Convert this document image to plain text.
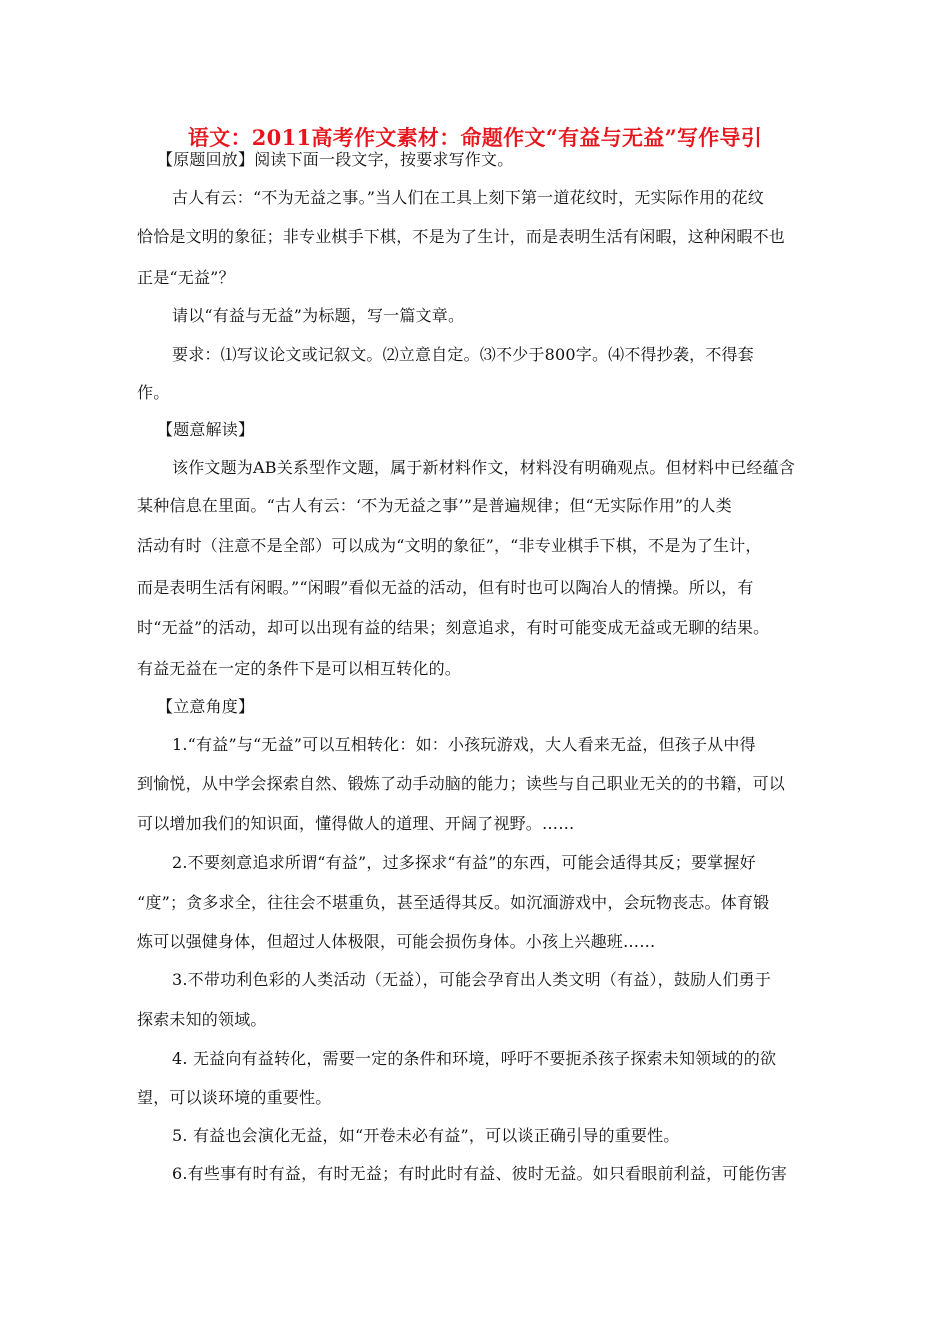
语文：2011高考作文素材：命题作文“有益与无益”写作导引
【原题回放】阅读下面一段文字，按要求写作文。
古人有云：“不为无益之事。”当人们在工具上刻下第一道花纹时，无实际作用的花纹
恰恰是文明的象征；非专业棋手下棋，不是为了生计，而是表明生活有闲暇，这种闲暇不也
正是“无益”？
请以“有益与无益”为标题，写一篇文章。
要求：⑴写议论文或记叙文。⑵立意自定。⑶不少于800字。⑷不得抄袭，不得套
作。
【题意解读】
该作文题为AB关系型作文题，属于新材料作文，材料没有明确观点。但材料中已经蕴含
某种信息在里面。“古人有云：‘不为无益之事’”是普遍规律；但“无实际作用”的人类
活动有时（注意不是全部）可以成为“文明的象征”，“非专业棋手下棋，不是为了生计，
而是表明生活有闲暇。”“闲暇”看似无益的活动，但有时也可以陶冶人的情操。所以，有
时“无益”的活动，却可以出现有益的结果；刻意追求，有时可能变成无益或无聊的结果。
有益无益在一定的条件下是可以相互转化的。
【立意角度】
1.“有益”与“无益”可以互相转化：如：小孩玩游戏，大人看来无益，但孩子从中得
到愉悦，从中学会探索自然、锻炼了动手动脑的能力；读些与自己职业无关的的书籍，可以
可以增加我们的知识面，懂得做人的道理、开阔了视野。……
2.不要刻意追求所谓“有益”，过多探求“有益”的东西，可能会适得其反；要掌握好
“度”；贪多求全，往往会不堪重负，甚至适得其反。如沉湎游戏中，会玩物丧志。体育锻
炼可以强健身体，但超过人体极限，可能会损伤身体。小孩上兴趣班……
3.不带功利色彩的人类活动（无益），可能会孕育出人类文明（有益），鼓励人们勇于
探索未知的领域。
4. 无益向有益转化，需要一定的条件和环境，呼吁不要扼杀孩子探索未知领域的的欲
望，可以谈环境的重要性。
5. 有益也会演化无益，如“开卷未必有益”，可以谈正确引导的重要性。
6.有些事有时有益，有时无益；有时此时有益、彼时无益。如只看眼前利益，可能伤害
